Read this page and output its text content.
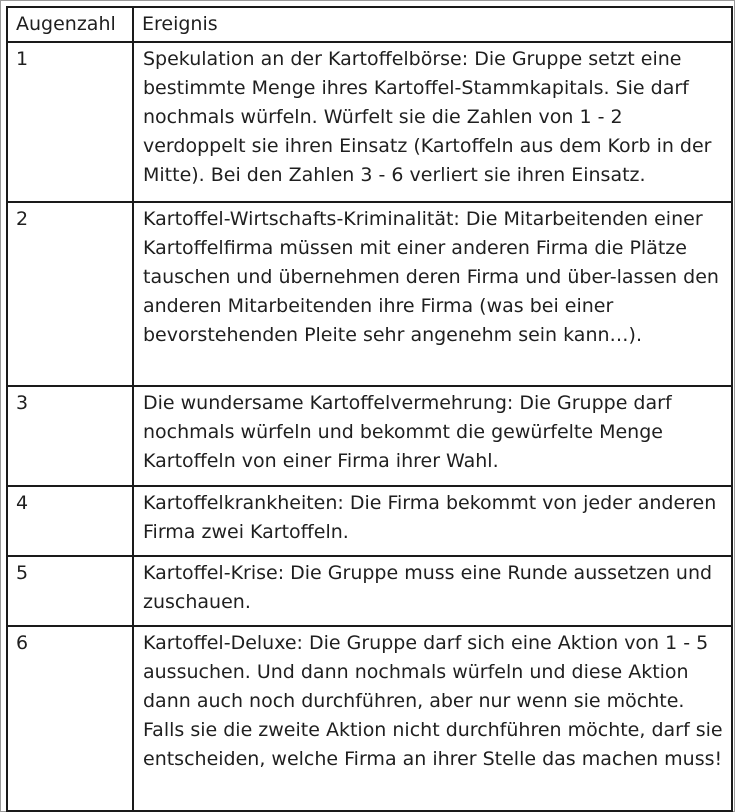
Augenzahl	Ereignis
1	Spekulation an der Kartoffelbörse: Die Gruppe setzt eine bestimmte Menge ihres Kartoffel-Stammkapitals. Sie darf nochmals würfeln. Würfelt sie die Zahlen von 1 - 2 verdoppelt sie ihren Einsatz (Kartoffeln aus dem Korb in der Mitte). Bei den Zahlen 3 - 6 verliert sie ihren Einsatz.
2	Kartoffel-Wirtschafts-Kriminalität: Die Mitarbeitenden einer Kartoffelfirma müssen mit einer anderen Firma die Plätze tauschen und übernehmen deren Firma und über-lassen den anderen Mitarbeitenden ihre Firma (was bei einer bevorstehenden Pleite sehr angenehm sein kann…).
3	Die wundersame Kartoffelvermehrung: Die Gruppe darf nochmals würfeln und bekommt die gewürfelte Menge Kartoffeln von einer Firma ihrer Wahl.
4	Kartoffelkrankheiten: Die Firma bekommt von jeder anderen Firma zwei Kartoffeln.
5	Kartoffel-Krise: Die Gruppe muss eine Runde aussetzen und zuschauen.
6	Kartoffel-Deluxe: Die Gruppe darf sich eine Aktion von 1 - 5 aussuchen. Und dann nochmals würfeln und diese Aktion dann auch noch durchführen, aber nur wenn sie möchte. Falls sie die zweite Aktion nicht durchführen möchte, darf sie entscheiden, welche Firma an ihrer Stelle das machen muss!
